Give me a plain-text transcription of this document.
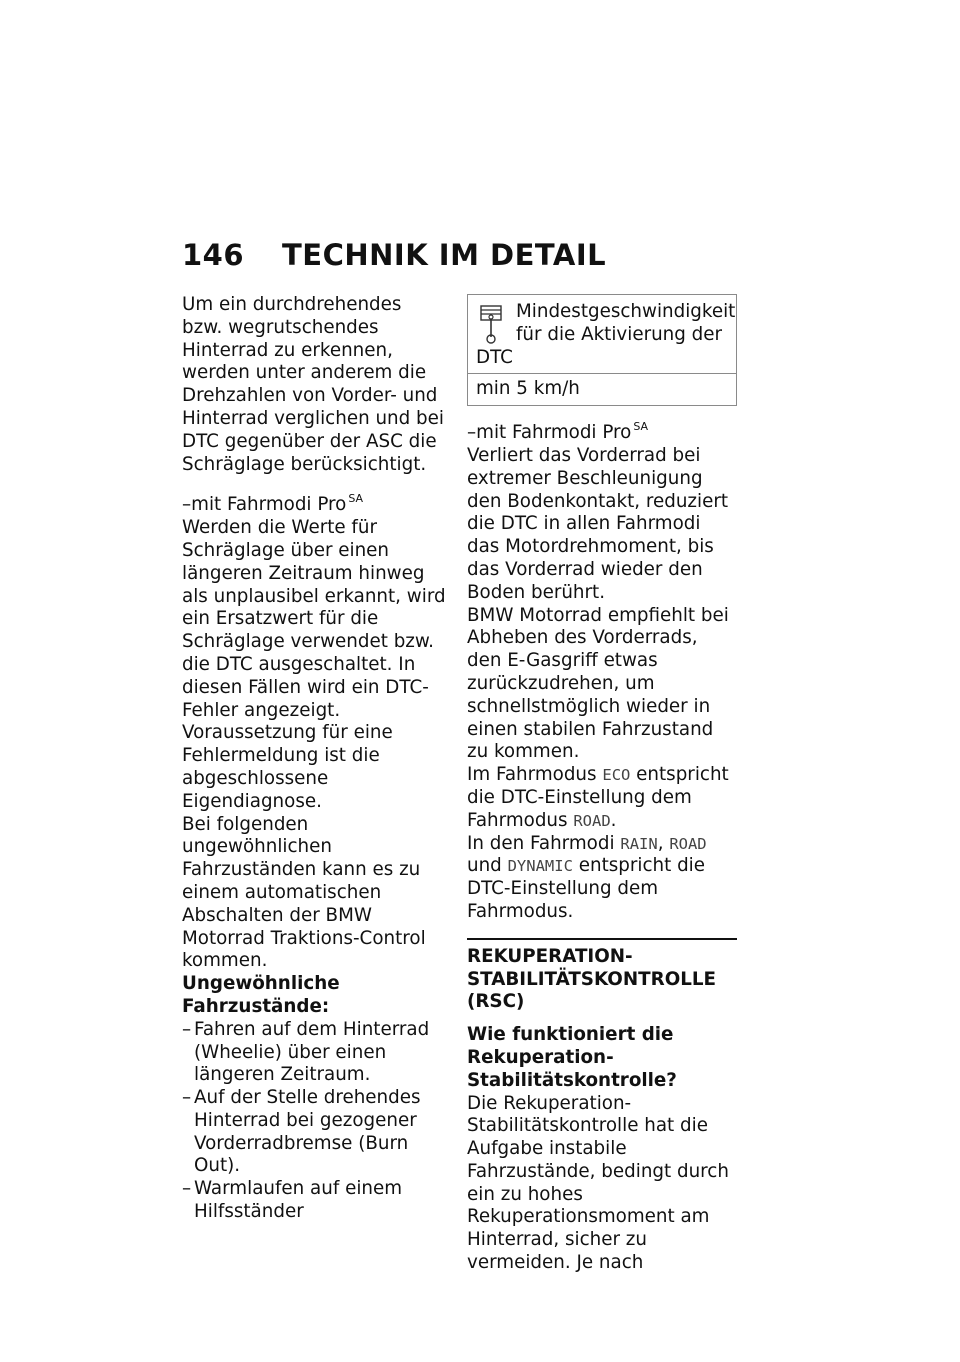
146	TECHNIK IM DETAIL

Um ein durchdrehendes bzw. wegrutschendes Hinterrad zu erkennen, werden unter anderem die Drehzahlen von Vorder- und Hinterrad verglichen und bei DTC gegenüber der ASC die Schräglage berücksichtigt.

–mit Fahrmodi Pro $^{SA}$
Werden die Werte für Schräglage über einen längeren Zeitraum hinweg als unplausibel erkannt, wird ein Ersatzwert für die Schräglage verwendet bzw. die DTC ausgeschaltet. In diesen Fällen wird ein DTC-Fehler angezeigt. Voraussetzung für eine Fehlermeldung ist die abgeschlossene Eigendiagnose.
Bei folgenden ungewöhnlichen Fahrzuständen kann es zu einem automatischen Abschalten der BMW Motorrad Traktions-Control kommen.
Ungewöhnliche Fahrzustände:
– Fahren auf dem Hinterrad (Wheelie) über einen längeren Zeitraum.
– Auf der Stelle drehendes Hinterrad bei gezogener Vorderradbremse (Burn Out).
– Warmlaufen auf einem Hilfsständer
Mindestgeschwindigkeit
für die Aktivierung der
DTC
min 5 km/h
–mit Fahrmodi Pro $^{SA}$
Verliert das Vorderrad bei extremer Beschleunigung den Bodenkontakt, reduziert die DTC in allen Fahrmodi das Motordrehmoment, bis das Vorderrad wieder den Boden berührt.
BMW Motorrad empfiehlt bei Abheben des Vorderrads, den E-Gasgriff etwas zurückzudrehen, um schnellstmöglich wieder in einen stabilen Fahrzustand zu kommen.
Im Fahrmodus ECO entspricht die DTC-Einstellung dem Fahrmodus ROAD.
In den Fahrmodi RAIN, ROAD und DYNAMIC entspricht die DTC-Einstellung dem Fahrmodus.
REKUPERATION-STABILITÄTSKONTROLLE (RSC)
Wie funktioniert die Rekuperation-Stabilitätskontrolle?
Die Rekuperation-Stabilitätskontrolle hat die Aufgabe instabile Fahrzustände, bedingt durch ein zu hohes Rekuperationsmoment am Hinterrad, sicher zu vermeiden. Je nach
